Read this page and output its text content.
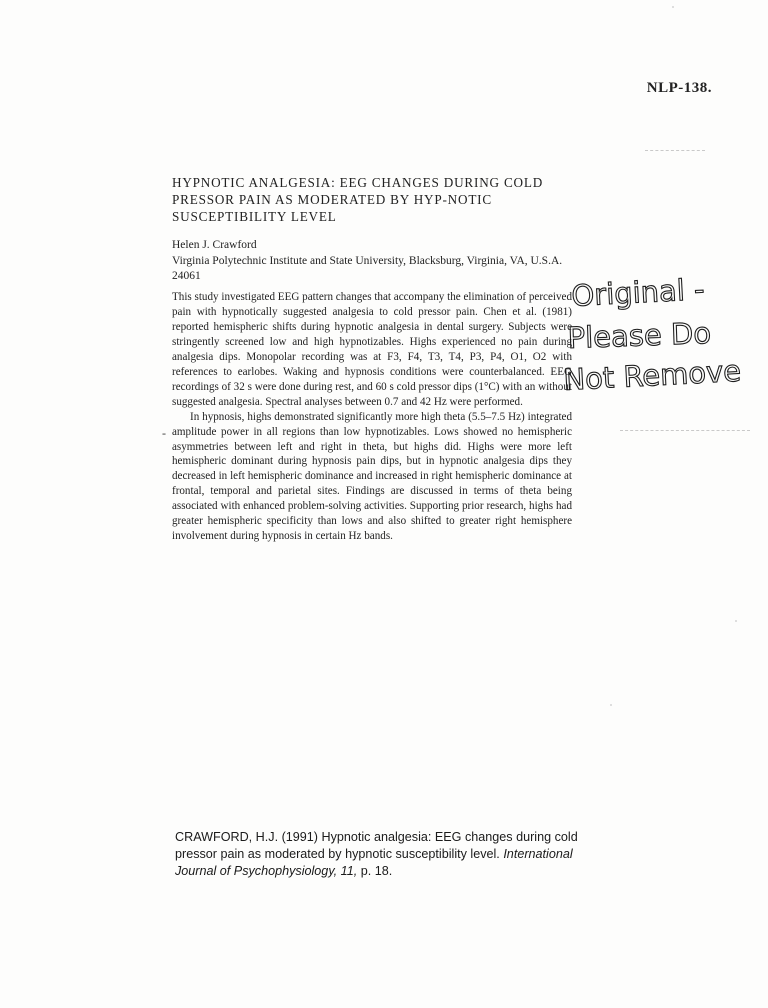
NLP-138.
HYPNOTIC ANALGESIA: EEG CHANGES DURING COLD PRESSOR PAIN AS MODERATED BY HYP-NOTIC SUSCEPTIBILITY LEVEL
Helen J. Crawford
Virginia Polytechnic Institute and State University, Blacksburg, Virginia, VA, U.S.A. 24061

This study investigated EEG pattern changes that accompany the elimination of perceived pain with hypnotically suggested analgesia to cold pressor pain. Chen et al. (1981) reported hemispheric shifts during hypnotic analgesia in dental surgery. Subjects were stringently screened low and high hypnotizables. Highs experienced no pain during analgesia dips. Monopolar recording was at F3, F4, T3, T4, P3, P4, O1, O2 with references to earlobes. Waking and hypnosis conditions were counterbalanced. EEG recordings of 32 s were done during rest, and 60 s cold pressor dips (1°C) with an without suggested analgesia. Spectral analyses between 0.7 and 42 Hz were performed.

In hypnosis, highs demonstrated significantly more high theta (5.5–7.5 Hz) integrated amplitude power in all regions than low hypnotizables. Lows showed no hemispheric asymmetries between left and right in theta, but highs did. Highs were more left hemispheric dominant during hypnosis pain dips, but in hypnotic analgesia dips they decreased in left hemispheric dominance and increased in right hemispheric dominance at frontal, temporal and parietal sites. Findings are discussed in terms of theta being associated with enhanced problem-solving activities. Supporting prior research, highs had greater hemispheric specificity than lows and also shifted to greater right hemisphere involvement during hypnosis in certain Hz bands.

-
Original -
Please Do
Not Remove
CRAWFORD, H.J. (1991) Hypnotic analgesia: EEG changes during cold pressor pain as moderated by hypnotic susceptibility level. International Journal of Psychophysiology, 11, p. 18.
